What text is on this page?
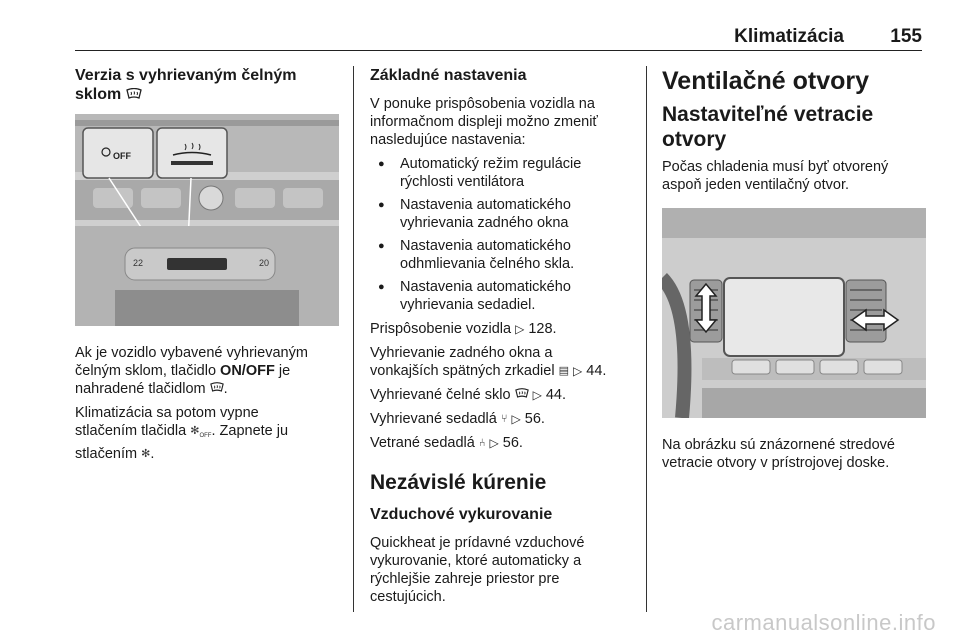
Klimatizácia 155
Verzia s vyhrievaným čelným
sklom
OFF
22	20

Ak je vozidlo vybavené vyhrievaným
čelným sklom, tlačidlo ON/OFF je
nahradené tlačidlom .

Klimatizácia sa potom vypne
stlačením tlačidla $✻_{OFF}$. Zapnete ju
stlačením ✻.

Základné nastavenia

V ponuke prispôsobenia vozidla na
informačnom displeji možno zmeniť
nasledujúce nastavenia:

● Automatický režim regulácie
rýchlosti ventilátora
● Nastavenia automatického
vyhrievania zadného okna
● Nastavenia automatického
odhmlievania čelného skla.
● Nastavenia automatického
vyhrievania sedadiel.

Prispôsobenie vozidla ▷ 128.

Vyhrievanie zadného okna a
vonkajších spätných zrkadiel ▤ ▷ 44.

Vyhrievané čelné sklo  ▷ 44.

Vyhrievané sedadlá ⑂ ▷ 56.

Vetrané sedadlá ⑃ ▷ 56.

Nezávislé kúrenie
Vzduchové vykurovanie

Quickheat je prídavné vzduchové
vykurovanie, ktoré automaticky a
rýchlejšie zahreje priestor pre
cestujúcich.

Ventilačné otvory
Nastaviteľné vetracie otvory

Počas chladenia musí byť otvorený
aspoň jeden ventilačný otvor.

Na obrázku sú znázornené stredové
vetracie otvory v prístrojovej doske.

carmanualsonline.info
